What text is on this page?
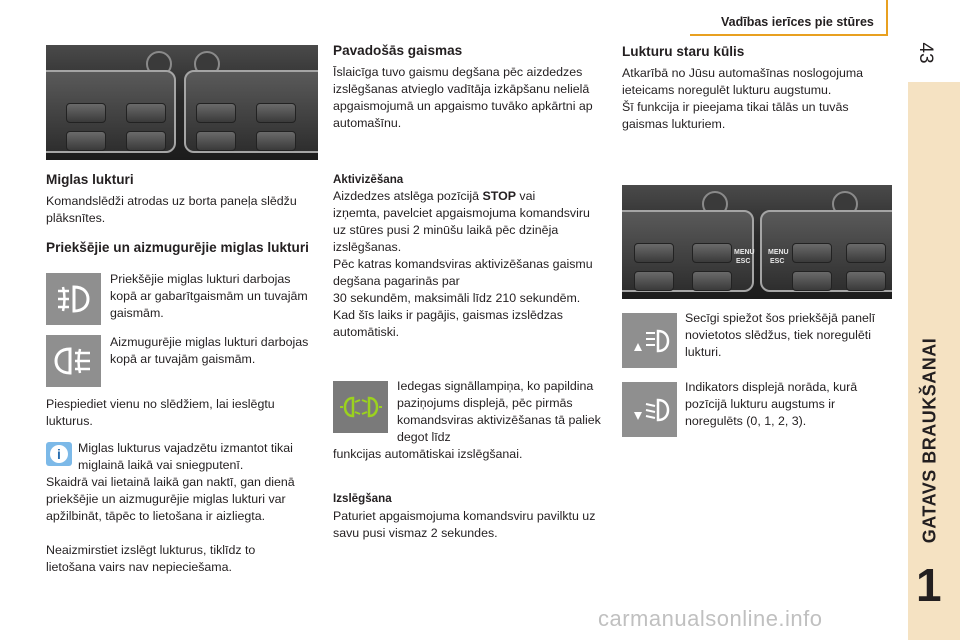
Vadības ierīces pie stūres
43
GATAVS BRAUKŠANAI
1
Miglas lukturi

Komandslēdži atrodas uz borta paneļa slēdžu plāksnītes.

Priekšējie un aizmugurējie miglas lukturi

Priekšējie miglas lukturi darbojas kopā ar gabarītgaismām un tuvajām gaismām.

Aizmugurējie miglas lukturi darbojas kopā ar tuvajām gaismām.

Piespiediet vienu no slēdžiem, lai ieslēgtu lukturus.

i	Miglas lukturus vajadzētu izmantot tikai miglainā laikā vai sniegputenī.

Skaidrā vai lietainā laikā gan naktī, gan dienā priekšējie un aizmugurējie miglas lukturi var apžilbināt, tāpēc to lietošana ir aizliegta.

Neaizmirstiet izslēgt lukturus, tiklīdz to lietošana vairs nav nepieciešama.

Pavadošās gaismas

Īslaicīga tuvo gaismu degšana pēc aizdedzes izslēgšanas atvieglo vadītāja izkāpšanu nelielā apgaismojumā un apgaismo tuvāko apkārtni ap automašīnu.

Aktivizēšana

Aizdedzes atslēga pozīcijā STOP vai

izņemta, pavelciet apgaismojuma komandsviru uz stūres pusi 2 minūšu laikā pēc dzinēja izslēgšanas.

Pēc katras komandsviras aktivizēšanas gaismu degšana pagarinās par

30 sekundēm, maksimāli līdz 210 sekundēm.

Kad šīs laiks ir pagājis, gaismas izslēdzas automātiski.

Iedegas signāllampiņa, ko papildina paziņojums displejā, pēc pirmās komandsviras aktivizēšanas tā paliek degot līdz

funkcijas automātiskai izslēgšanai.

Izslēgšana

Paturiet apgaismojuma komandsviru pavilktu uz savu pusi vismaz 2 sekundes.

Lukturu staru kūlis

Atkarībā no Jūsu automašīnas noslogojuma ieteicams noregulēt lukturu augstumu.

Šī funkcija ir pieejama tikai tālās un tuvās gaismas lukturiem.

MENU
ESC
MENU
ESC

Secīgi spiežot šos priekšējā panelī novietotos slēdžus, tiek noregulēti lukturi.

Indikators displejā norāda, kurā pozīcijā lukturu augstums ir noregulēts (0, 1, 2, 3).

carmanualsonline.info
